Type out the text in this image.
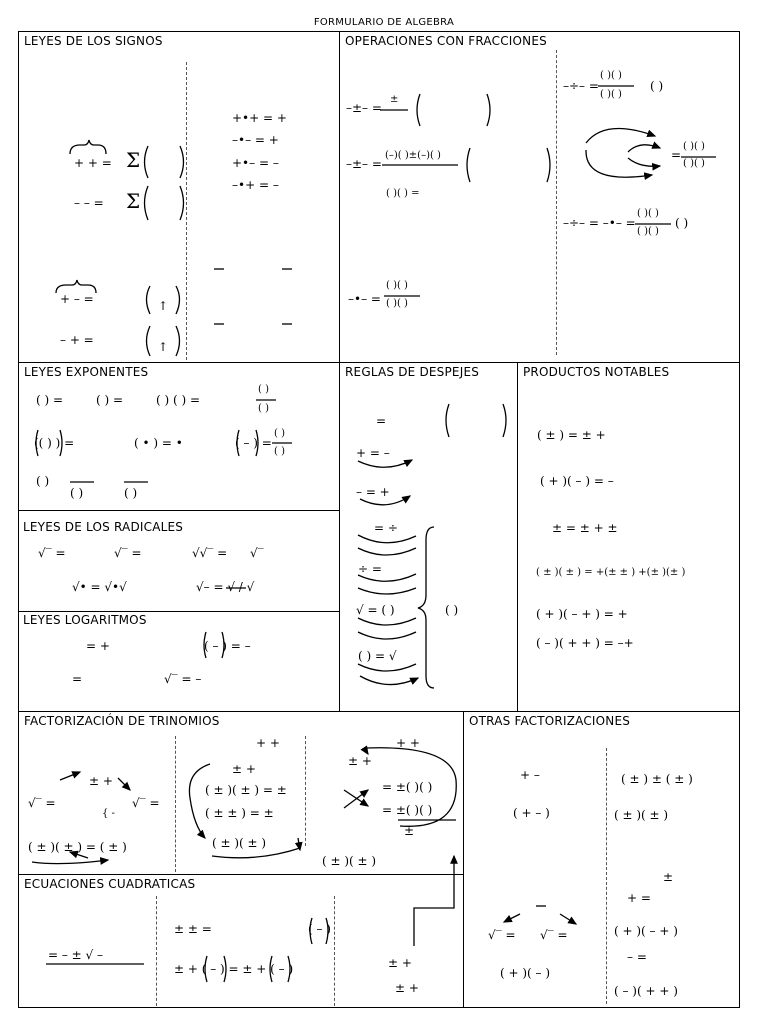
FORMULARIO DE ALGEBRA
LEYES DE LOS SIGNOS	OPERACIONES CON FRACCIONES
LEYES EXPONENTES
LEYES DE LOS RADICALES
LEYES LOGARITMOS
REGLAS DE DESPEJES	PRODUCTOS NOTABLES
FACTORIZACIÓN DE TRINOMIOS	OTRAS FACTORIZACIONES
ECUACIONES CUADRATICAS
+ + = Σ
– – = Σ
+•+ = +
–•– = +
+•– = –
–•+ = –
+ – =
– + =
↑
↑
–±– =
±
–±– =
(–)( )±(–)( )
( )( ) =
–÷– =
( )( )
( )( )
( )
=
( )( )
( )( )
–÷– = –•– =
( )( )
( )( )
( )
–•– =
( )( )
( )( )
( ) =	( ) =	( ) ( ) =
( )
( )
(( ) ) =	( • ) = •	( – ) =
( )
( )
( )
( )	( )
√‾ =	√‾ =	√√‾ = √‾
√• = √•√	√– = √ / √
= +	( – ) = –
=	√‾ = –
=
+ = –
– = +
= ÷
÷ =
√ = ( )
( ) = √
( )
( ± ) = ± +
( + )( – ) = –
± = ± + ±
( ± )( ± ) = +(± ± ) +(± )(± )
( + )( – + ) = +
( – )( + + ) = –+
± +
√‾ =
{ -
√‾ =
( ± )( ± ) = ( ± )
+ +
± +
( ± )( ± ) = ±
( ± ± ) = ±
( ± )( ± )
+ +
± +
= ±( )( )
= ±( )( )
±
( ± )( ± )
+ –
( + – )
( ± ) ± ( ± )
( ± )( ± )
±
+ =
( + )( – + )
– =
( – )( + + )
√‾ = √‾ =
( + )( – )
= – ± √ –
± ± =	( – )
± + ( – ) = ± + ( – )	± +
± +
